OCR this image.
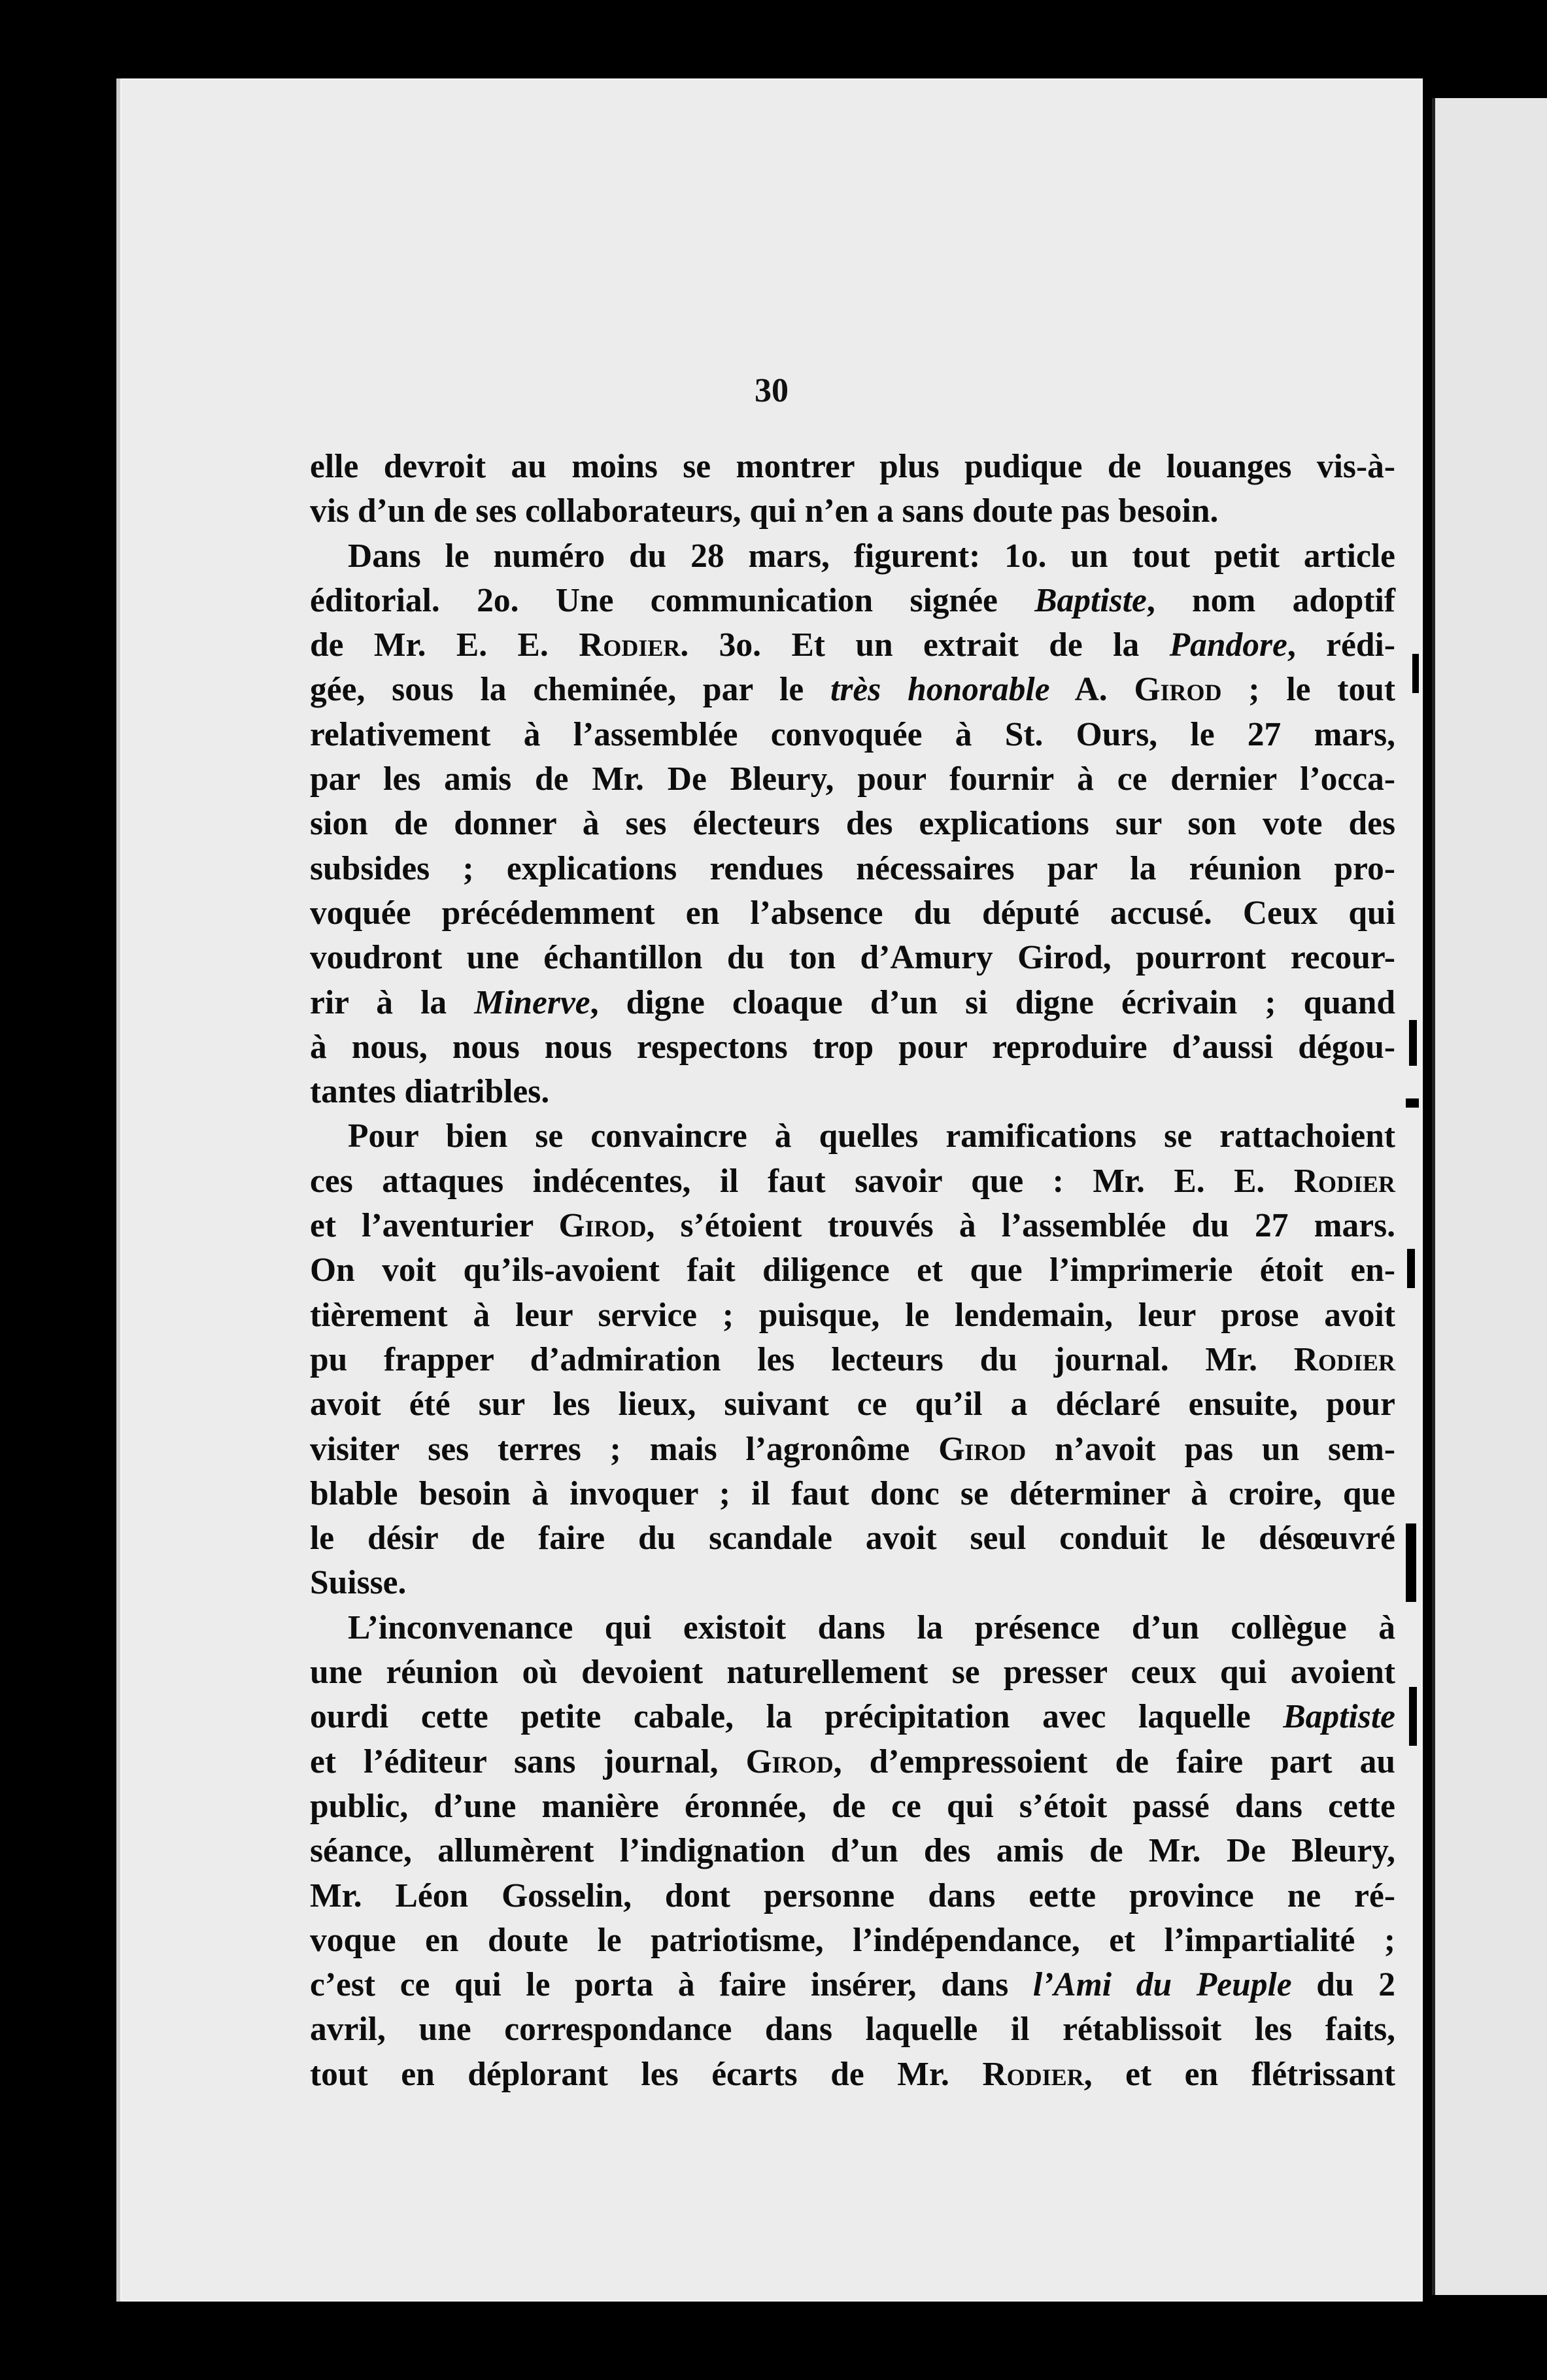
30
elle devroit au moins se montrer plus pudique de louanges vis-à-
vis d’un de ses collaborateurs, qui n’en a sans doute pas besoin.
Dans le numéro du 28 mars, figurent: 1o. un tout petit article
éditorial. 2o. Une communication signée Baptiste, nom adoptif
de Mr. E. E. Rodier. 3o. Et un extrait de la Pandore, rédi-
gée, sous la cheminée, par le très honorable A. Girod ; le tout
relativement à l’assemblée convoquée à St. Ours, le 27 mars,
par les amis de Mr. De Bleury, pour fournir à ce dernier l’occa-
sion de donner à ses électeurs des explications sur son vote des
subsides ; explications rendues nécessaires par la réunion pro-
voquée précédemment en l’absence du député accusé. Ceux qui
voudront une échantillon du ton d’Amury Girod, pourront recour-
rir à la Minerve, digne cloaque d’un si digne écrivain ; quand
à nous, nous nous respectons trop pour reproduire d’aussi dégou-
tantes diatribles.
Pour bien se convaincre à quelles ramifications se rattachoient
ces attaques indécentes, il faut savoir que : Mr. E. E. Rodier
et l’aventurier Girod, s’étoient trouvés à l’assemblée du 27 mars.
On voit qu’ils-avoient fait diligence et que l’imprimerie étoit en-
tièrement à leur service ; puisque, le lendemain, leur prose avoit
pu frapper d’admiration les lecteurs du journal. Mr. Rodier
avoit été sur les lieux, suivant ce qu’il a déclaré ensuite, pour
visiter ses terres ; mais l’agronôme Girod n’avoit pas un sem-
blable besoin à invoquer ; il faut donc se déterminer à croire, que
le désir de faire du scandale avoit seul conduit le désœuvré
Suisse.
L’inconvenance qui existoit dans la présence d’un collègue à
une réunion où devoient naturellement se presser ceux qui avoient
ourdi cette petite cabale, la précipitation avec laquelle Baptiste
et l’éditeur sans journal, Girod, d’empressoient de faire part au
public, d’une manière éronnée, de ce qui s’étoit passé dans cette
séance, allumèrent l’indignation d’un des amis de Mr. De Bleury,
Mr. Léon Gosselin, dont personne dans eette province ne ré-
voque en doute le patriotisme, l’indépendance, et l’impartialité ;
c’est ce qui le porta à faire insérer, dans l’Ami du Peuple du 2
avril, une correspondance dans laquelle il rétablissoit les faits,
tout en déplorant les écarts de Mr. Rodier, et en flétrissant
